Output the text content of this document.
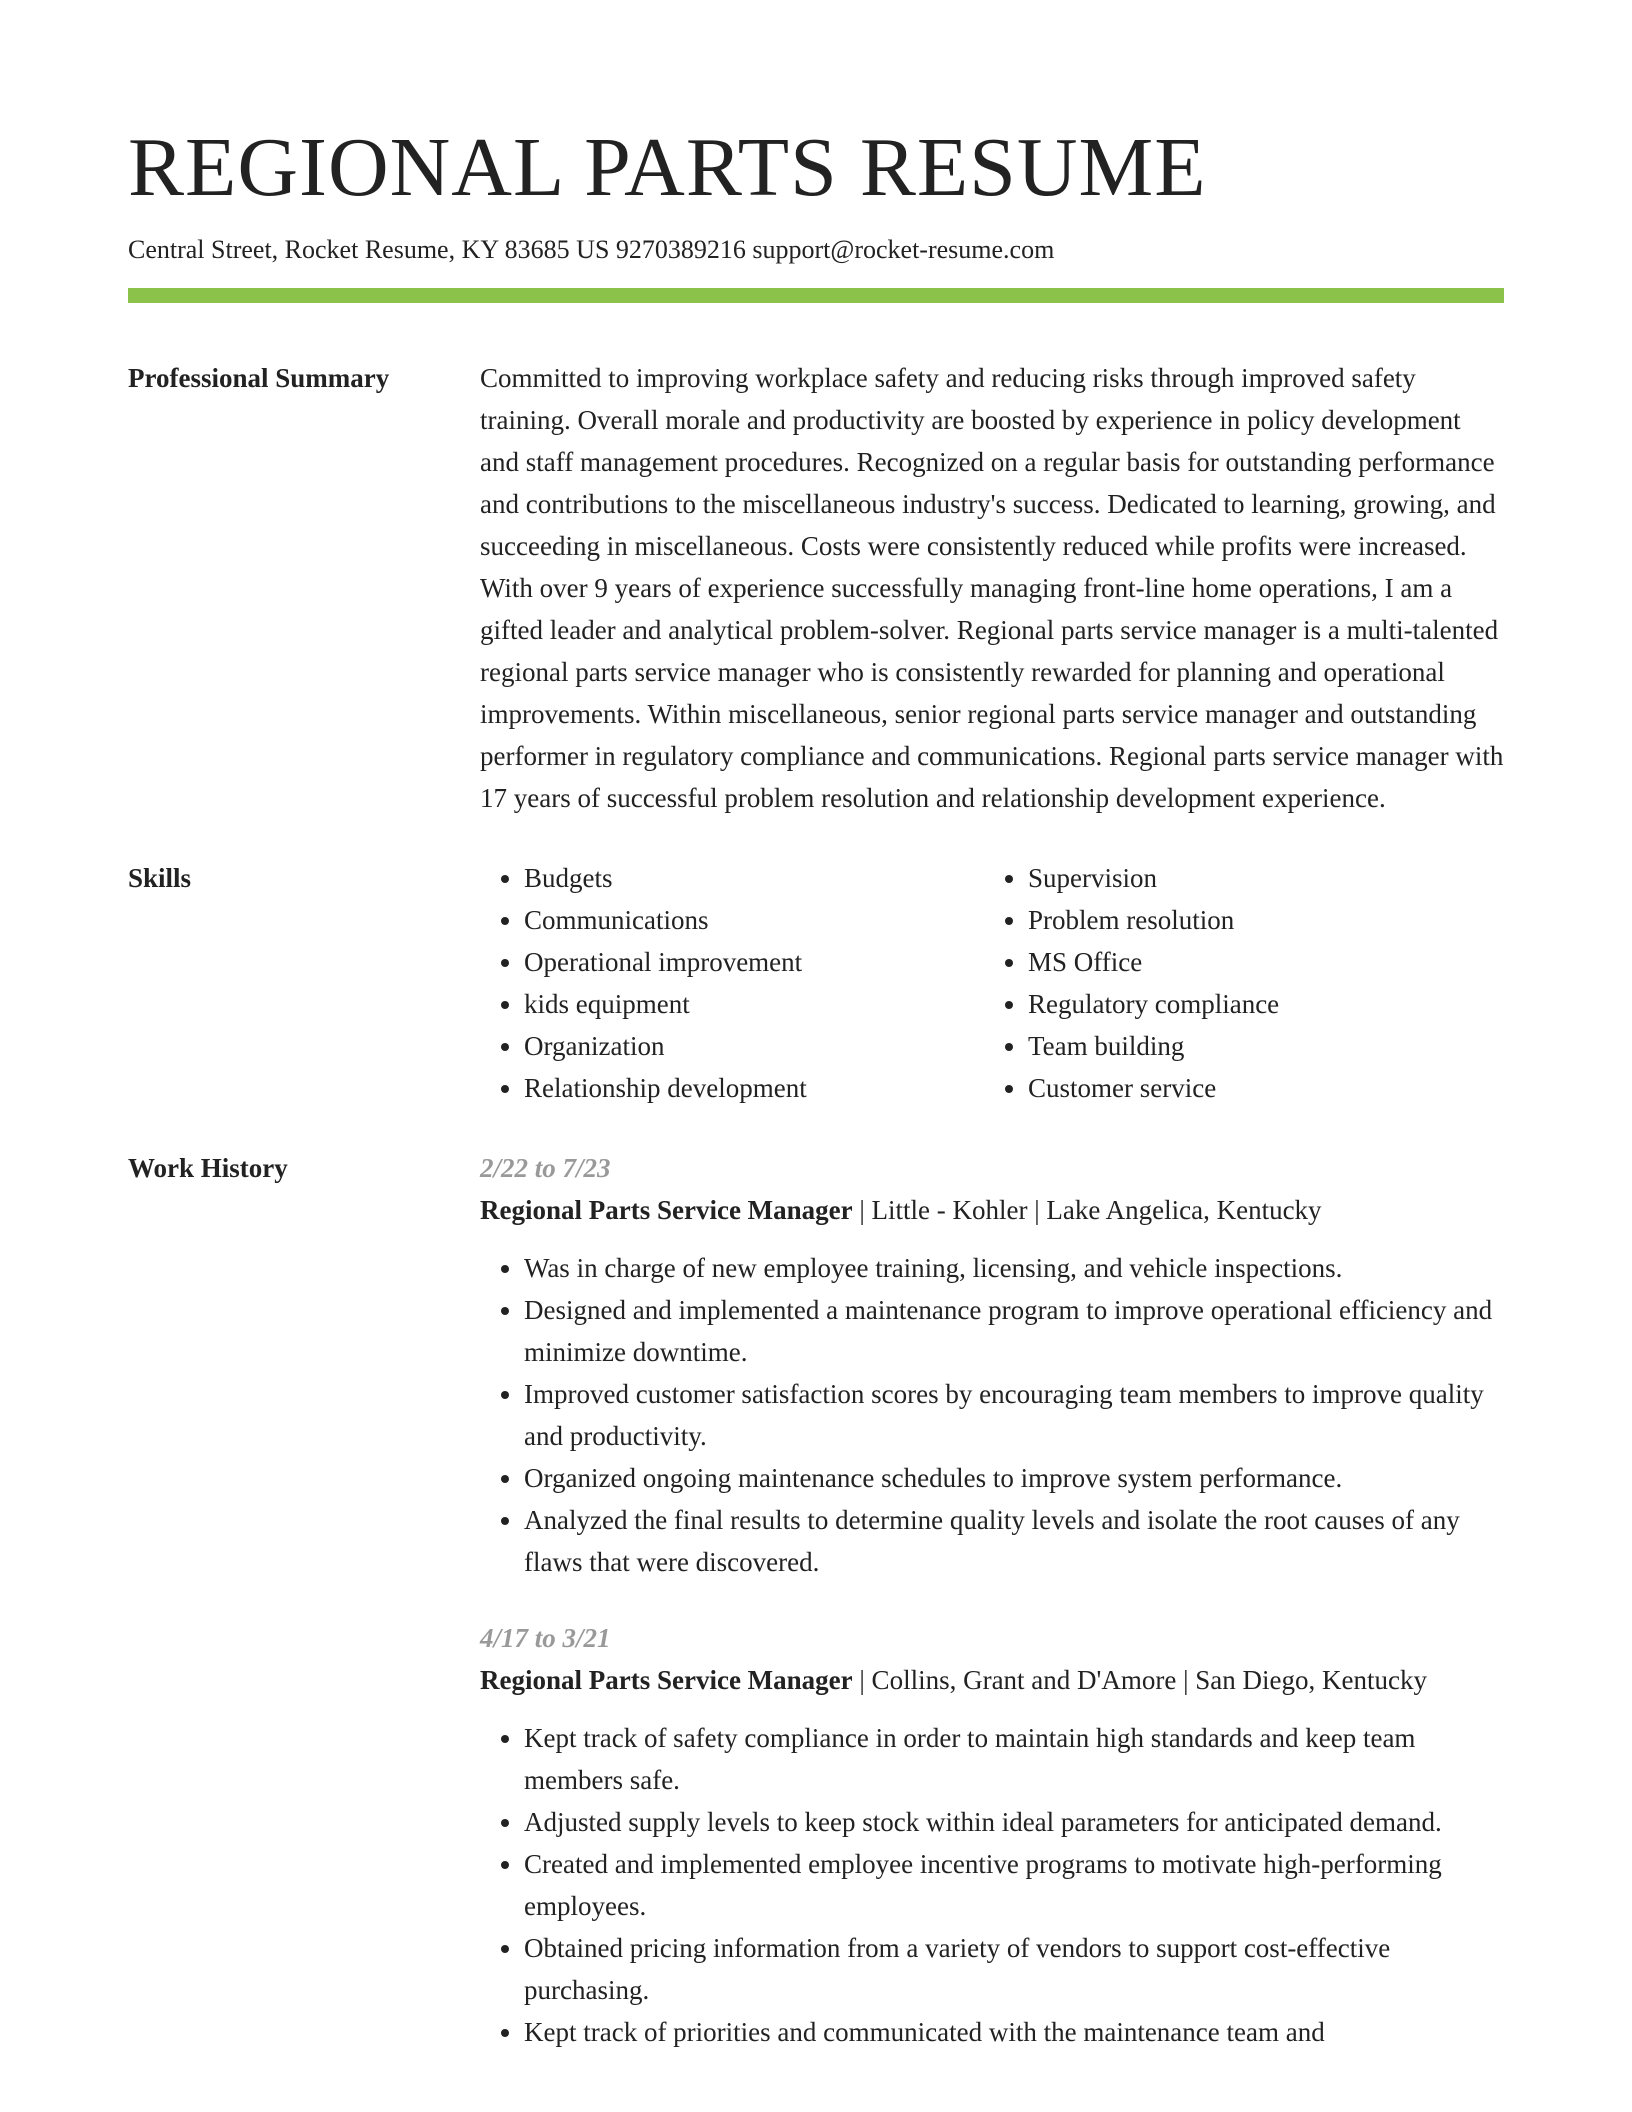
REGIONAL PARTS RESUME
Central Street, Rocket Resume, KY 83685 US 9270389216 support@rocket-resume.com
Professional Summary	Committed to improving workplace safety and reducing risks through improved safety training. Overall morale and productivity are boosted by experience in policy development and staff management procedures. Recognized on a regular basis for outstanding performance and contributions to the miscellaneous industry's success. Dedicated to learning, growing, and succeeding in miscellaneous. Costs were consistently reduced while profits were increased. With over 9 years of experience successfully managing front-line home operations, I am a gifted leader and analytical problem-solver. Regional parts service manager is a multi-talented regional parts service manager who is consistently rewarded for planning and operational improvements. Within miscellaneous, senior regional parts service manager and outstanding performer in regulatory compliance and communications. Regional parts service manager with 17 years of successful problem resolution and relationship development experience.

Skills
•	Budgets
• Communications
• Operational improvement
• kids equipment
• Organization
• Relationship development
• Supervision
• Problem resolution
• MS Office
• Regulatory compliance
• Team building
• Customer service
Work History	2/22 to 7/23
Regional Parts Service Manager | Little - Kohler | Lake Angelica, Kentucky
• Was in charge of new employee training, licensing, and vehicle inspections.
• Designed and implemented a maintenance program to improve operational efficiency and minimize downtime.
• Improved customer satisfaction scores by encouraging team members to improve quality and productivity.
• Organized ongoing maintenance schedules to improve system performance.
• Analyzed the final results to determine quality levels and isolate the root causes of any flaws that were discovered.
4/17 to 3/21
Regional Parts Service Manager | Collins, Grant and D'Amore | San Diego, Kentucky
• Kept track of safety compliance in order to maintain high standards and keep team members safe.
• Adjusted supply levels to keep stock within ideal parameters for anticipated demand.
• Created and implemented employee incentive programs to motivate high-performing employees.
• Obtained pricing information from a variety of vendors to support cost-effective purchasing.
• Kept track of priorities and communicated with the maintenance team and
